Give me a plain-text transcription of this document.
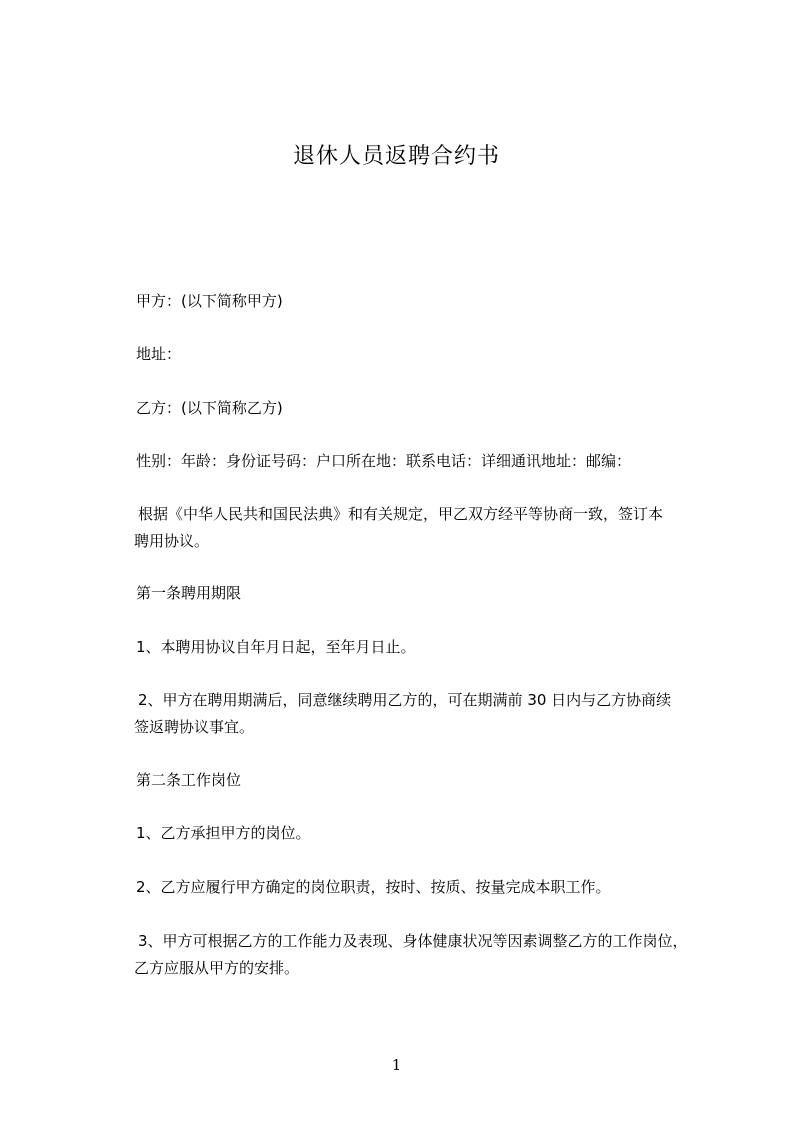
退休人员返聘合约书
甲方：(以下简称甲方)
地址：
乙方：(以下简称乙方)
性别：年龄：身份证号码：户口所在地：联系电话：详细通讯地址：邮编：
根据《中华人民共和国民法典》和有关规定，甲乙双方经平等协商一致，签订本
聘用协议。
第一条聘用期限
1、本聘用协议自年月日起，至年月日止。
2、甲方在聘用期满后，同意继续聘用乙方的，可在期满前 30 日内与乙方协商续
签返聘协议事宜。
第二条工作岗位
1、乙方承担甲方的岗位。
2、乙方应履行甲方确定的岗位职责，按时、按质、按量完成本职工作。
3、甲方可根据乙方的工作能力及表现、身体健康状况等因素调整乙方的工作岗位，
乙方应服从甲方的安排。
1
